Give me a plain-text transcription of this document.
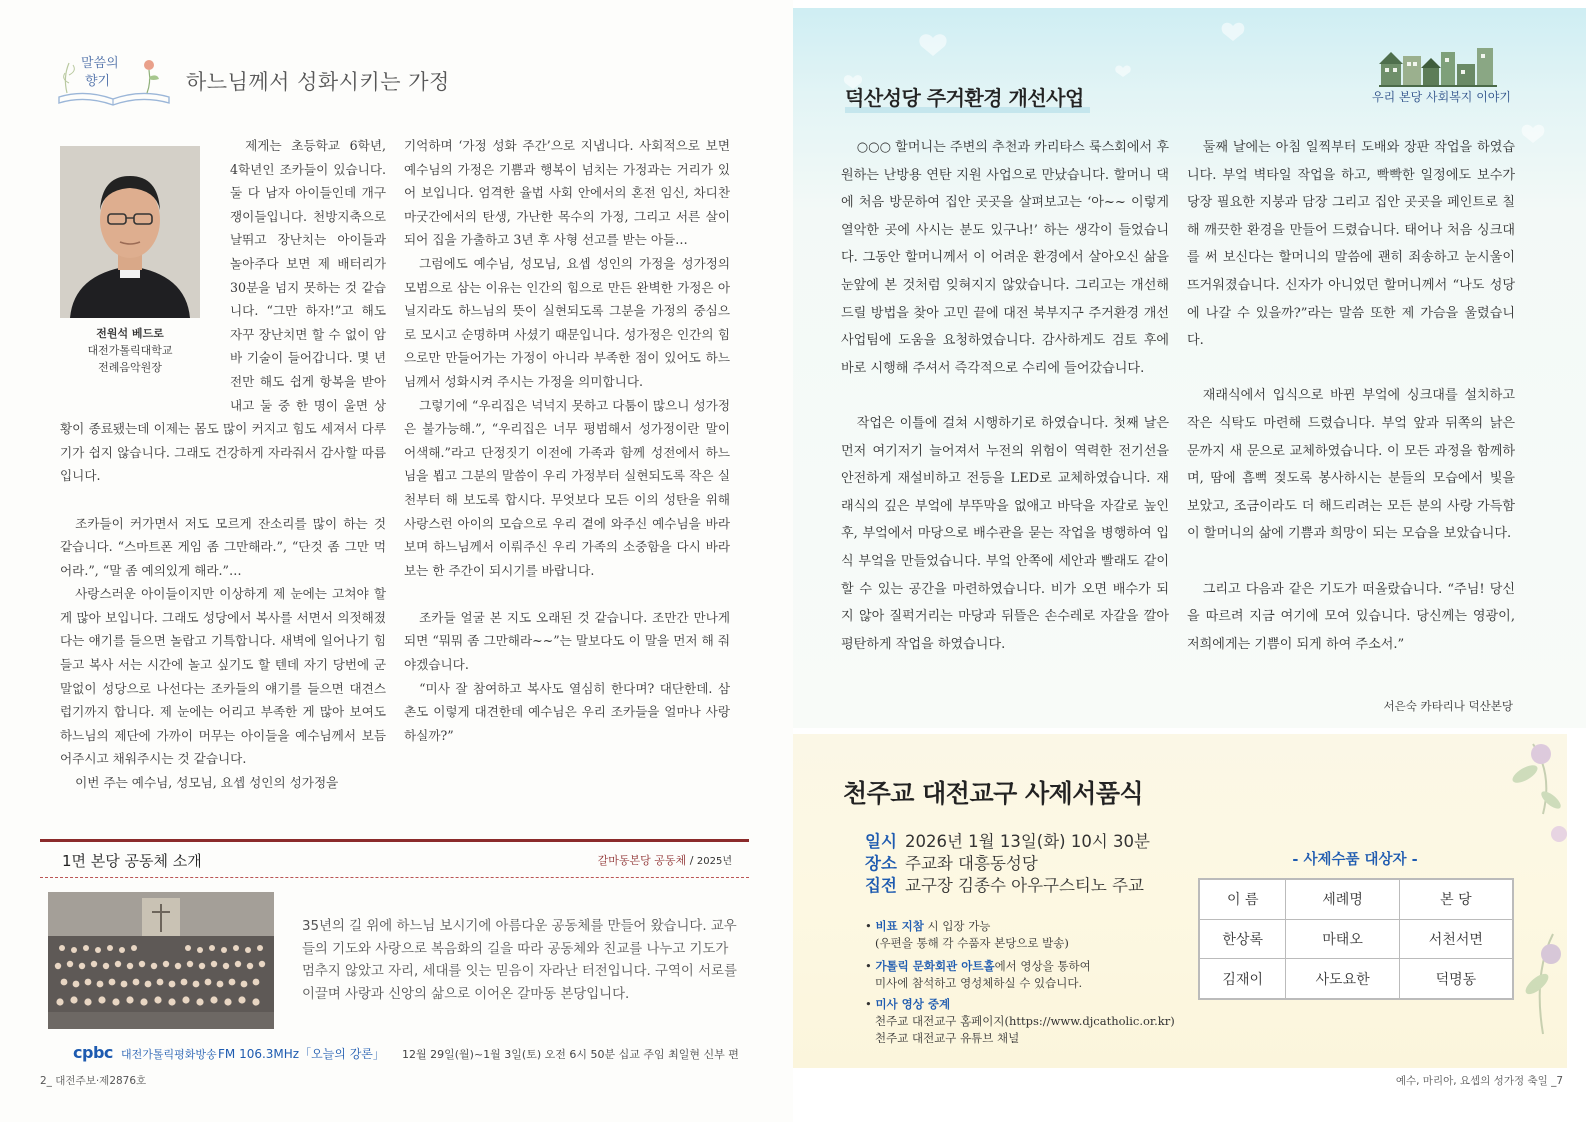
말씀의
향기	하느님께서 성화시키는 가정
전원석 베드로
대전가톨릭대학교
전례음악원장

제게는 초등학교 6학년, 4학년인 조카들이 있습니다. 둘 다 남자 아이들인데 개구쟁이들입니다. 천방지축으로 날뛰고 장난치는 아이들과 놀아주다 보면 제 배터리가 30분을 넘지 못하는 것 같습니다. “그만 하자!”고 해도 자꾸 장난치면 할 수 없이 암바 기술이 들어갑니다. 몇 년 전만 해도 쉽게 항복을 받아내고 둘 중 한 명이 울면 상황이 종료됐는데 이제는 몸도 많이 커지고 힘도 세져서 다루기가 쉽지 않습니다. 그래도 건강하게 자라줘서 감사할 따름입니다.

조카들이 커가면서 저도 모르게 잔소리를 많이 하는 것 같습니다. “스마트폰 게임 좀 그만해라.”, “단것 좀 그만 먹어라.”, “말 좀 예의있게 해라.”…

사랑스러운 아이들이지만 이상하게 제 눈에는 고쳐야 할 게 많아 보입니다. 그래도 성당에서 복사를 서면서 의젓해졌다는 얘기를 들으면 놀랍고 기특합니다. 새벽에 일어나기 힘들고 복사 서는 시간에 놀고 싶기도 할 텐데 자기 당번에 군말없이 성당으로 나선다는 조카들의 얘기를 들으면 대견스럽기까지 합니다. 제 눈에는 어리고 부족한 게 많아 보여도 하느님의 제단에 가까이 머무는 아이들을 예수님께서 보듬어주시고 채워주시는 것 같습니다.

이번 주는 예수님, 성모님, 요셉 성인의 성가정을

기억하며 ‘가정 성화 주간’으로 지냅니다. 사회적으로 보면 예수님의 가정은 기쁨과 행복이 넘치는 가정과는 거리가 있어 보입니다. 엄격한 율법 사회 안에서의 혼전 임신, 차디찬 마굿간에서의 탄생, 가난한 목수의 가정, 그리고 서른 살이 되어 집을 가출하고 3년 후 사형 선고를 받는 아들…

그럼에도 예수님, 성모님, 요셉 성인의 가정을 성가정의 모범으로 삼는 이유는 인간의 힘으로 만든 완벽한 가정은 아닐지라도 하느님의 뜻이 실현되도록 그분을 가정의 중심으로 모시고 순명하며 사셨기 때문입니다. 성가정은 인간의 힘으로만 만들어가는 가정이 아니라 부족한 점이 있어도 하느님께서 성화시켜 주시는 가정을 의미합니다.

그렇기에 “우리집은 넉넉지 못하고 다툼이 많으니 성가정은 불가능해.”, “우리집은 너무 평범해서 성가정이란 말이 어색해.”라고 단정짓기 이전에 가족과 함께 성전에서 하느님을 뵙고 그분의 말씀이 우리 가정부터 실현되도록 작은 실천부터 해 보도록 합시다. 무엇보다 모든 이의 성탄을 위해 사랑스런 아이의 모습으로 우리 곁에 와주신 예수님을 바라보며 하느님께서 이뤄주신 우리 가족의 소중함을 다시 바라보는 한 주간이 되시기를 바랍니다.

조카들 얼굴 본 지도 오래된 것 같습니다. 조만간 만나게 되면 “뭐뭐 좀 그만해라~~”는 말보다도 이 말을 먼저 해 줘야겠습니다.

“미사 잘 참여하고 복사도 열심히 한다며? 대단한데. 삼촌도 이렇게 대견한데 예수님은 우리 조카들을 얼마나 사랑하실까?”

1면 본당 공동체 소개	갈마동본당 공동체 / 2025년
35년의 길 위에 하느님 보시기에 아름다운 공동체를 만들어 왔습니다. 교우들의 기도와 사랑으로 복음화의 길을 따라 공동체와 친교를 나누고 기도가 멈추지 않았고 자리, 세대를 잇는 믿음이 자라난 터전입니다. 구역이 서로를 이끌며 사랑과 신앙의 삶으로 이어온 갈마동 본당입니다.
cpbc 대전가톨릭평화방송 FM 106.3MHz「오늘의 강론」 12월 29일(월)~1월 3일(토) 오전 6시 50분 십교 주임 최일현 신부 편
2_ 대전주보·제2876호
우리 본당 사회복지 이야기
덕산성당 주거환경 개선사업

○○○ 할머니는 주변의 추천과 카리타스 룩스회에서 후원하는 난방용 연탄 지원 사업으로 만났습니다. 할머니 댁에 처음 방문하여 집안 곳곳을 살펴보고는 ‘아~~ 이렇게 열악한 곳에 사시는 분도 있구나!’ 하는 생각이 들었습니다. 그동안 할머니께서 이 어려운 환경에서 살아오신 삶을 눈앞에 본 것처럼 잊혀지지 않았습니다. 그리고는 개선해 드릴 방법을 찾아 고민 끝에 대전 북부지구 주거환경 개선사업팀에 도움을 요청하였습니다. 감사하게도 검토 후에 바로 시행해 주셔서 즉각적으로 수리에 들어갔습니다.

작업은 이틀에 걸쳐 시행하기로 하였습니다. 첫째 날은 먼저 여기저기 늘어져서 누전의 위험이 역력한 전기선을 안전하게 재설비하고 전등을 LED로 교체하였습니다. 재래식의 깊은 부엌에 부뚜막을 없애고 바닥을 자갈로 높인 후, 부엌에서 마당으로 배수관을 묻는 작업을 병행하여 입식 부엌을 만들었습니다. 부엌 안쪽에 세안과 빨래도 같이 할 수 있는 공간을 마련하였습니다. 비가 오면 배수가 되지 않아 질퍽거리는 마당과 뒤뜰은 손수레로 자갈을 깔아 평탄하게 작업을 하였습니다.

둘째 날에는 아침 일찍부터 도배와 장판 작업을 하였습니다. 부엌 벽타일 작업을 하고, 빡빡한 일정에도 보수가 당장 필요한 지붕과 담장 그리고 집안 곳곳을 페인트로 칠해 깨끗한 환경을 만들어 드렸습니다. 태어나 처음 싱크대를 써 보신다는 할머니의 말씀에 괜히 죄송하고 눈시울이 뜨거워졌습니다. 신자가 아니었던 할머니께서 “나도 성당에 나갈 수 있을까?”라는 말씀 또한 제 가슴을 울렸습니다.

재래식에서 입식으로 바뀐 부엌에 싱크대를 설치하고 작은 식탁도 마련해 드렸습니다. 부엌 앞과 뒤쪽의 낡은 문까지 새 문으로 교체하였습니다. 이 모든 과정을 함께하며, 땀에 흠뻑 젖도록 봉사하시는 분들의 모습에서 빛을 보았고, 조금이라도 더 해드리려는 모든 분의 사랑 가득함이 할머니의 삶에 기쁨과 희망이 되는 모습을 보았습니다.

그리고 다음과 같은 기도가 떠올랐습니다. “주님! 당신을 따르려 지금 여기에 모여 있습니다. 당신께는 영광이, 저희에게는 기쁨이 되게 하여 주소서.”

서은숙 카타리나 덕산본당
천주교 대전교구 사제서품식
일시 2026년 1월 13일(화) 10시 30분
장소 주교좌 대흥동성당
집전 교구장 김종수 아우구스티노 주교
• 비표 지참 시 입장 가능
(우편을 통해 각 수품자 본당으로 발송)
• 가톨릭 문화회관 아트홀에서 영상을 통하여
미사에 참석하고 영성체하실 수 있습니다.
• 미사 영상 중계
천주교 대전교구 홈페이지(https://www.djcatholic.or.kr)
천주교 대전교구 유튜브 채널
- 사제수품 대상자 -
이 름	세례명	본 당
한상록	마태오	서천서면
김재이	사도요한	덕명동
예수, 마리아, 요셉의 성가정 축일 _7
